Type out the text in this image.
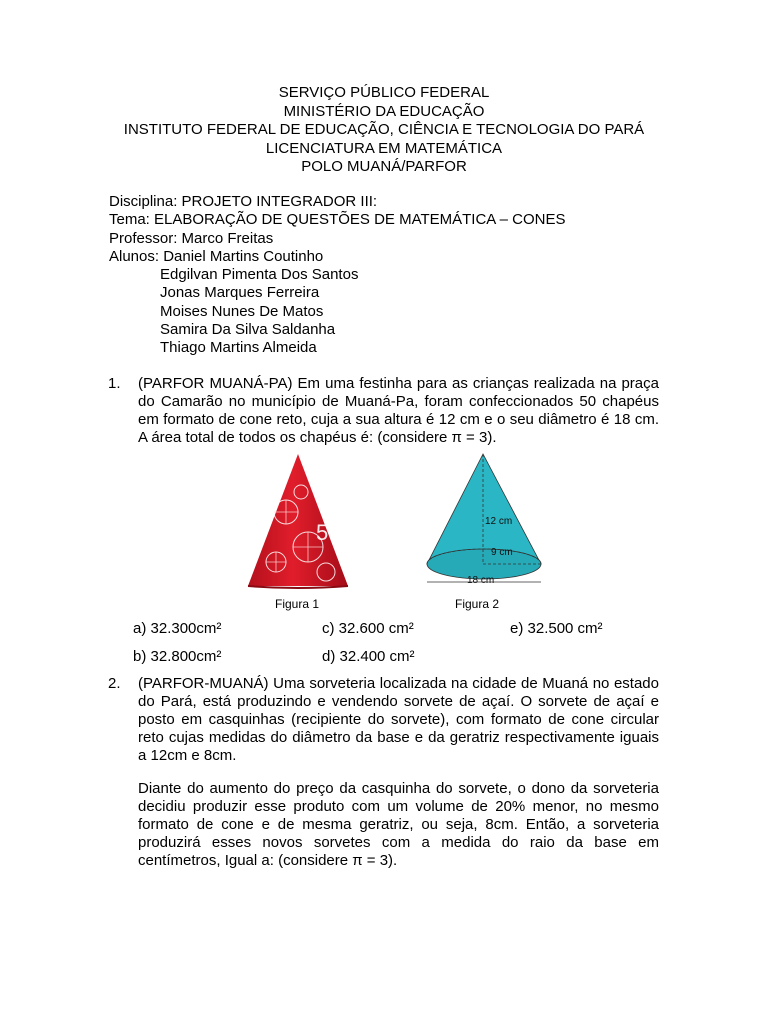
SERVIÇO PÚBLICO FEDERAL
MINISTÉRIO DA EDUCAÇÃO
INSTITUTO FEDERAL DE EDUCAÇÃO, CIÊNCIA E TECNOLOGIA DO PARÁ
LICENCIATURA EM MATEMÁTICA
POLO MUANÁ/PARFOR
Disciplina: PROJETO INTEGRADOR III:
Tema: ELABORAÇÃO DE QUESTÕES DE MATEMÁTICA – CONES
Professor: Marco Freitas
Alunos: Daniel Martins Coutinho
Edgilvan Pimenta Dos Santos
Jonas Marques Ferreira
Moises Nunes De Matos
Samira Da Silva Saldanha
Thiago Martins Almeida
1. (PARFOR MUANÁ-PA) Em uma festinha para as crianças realizada na praça do Camarão no município de Muaná-Pa, foram confeccionados 50 chapéus em formato de cone reto, cuja a sua altura é 12 cm e o seu diâmetro é 18 cm. A área total de todos os chapéus é: (considere π = 3).

5	12 cm
9 cm
18 cm
Figura 1	Figura 2
a) 32.300cm²	c) 32.600 cm²	e) 32.500 cm²
b) 32.800cm²	d) 32.400 cm²
2. (PARFOR-MUANÁ) Uma sorveteria localizada na cidade de Muaná no estado do Pará, está produzindo e vendendo sorvete de açaí. O sorvete de açaí e posto em casquinhas (recipiente do sorvete), com formato de cone circular reto cujas medidas do diâmetro da base e da geratriz respectivamente iguais a 12cm e 8cm.

Diante do aumento do preço da casquinha do sorvete, o dono da sorveteria decidiu produzir esse produto com um volume de 20% menor, no mesmo formato de cone e de mesma geratriz, ou seja, 8cm. Então, a sorveteria produzirá esses novos sorvetes com a medida do raio da base em centímetros, Igual a: (considere π = 3).
